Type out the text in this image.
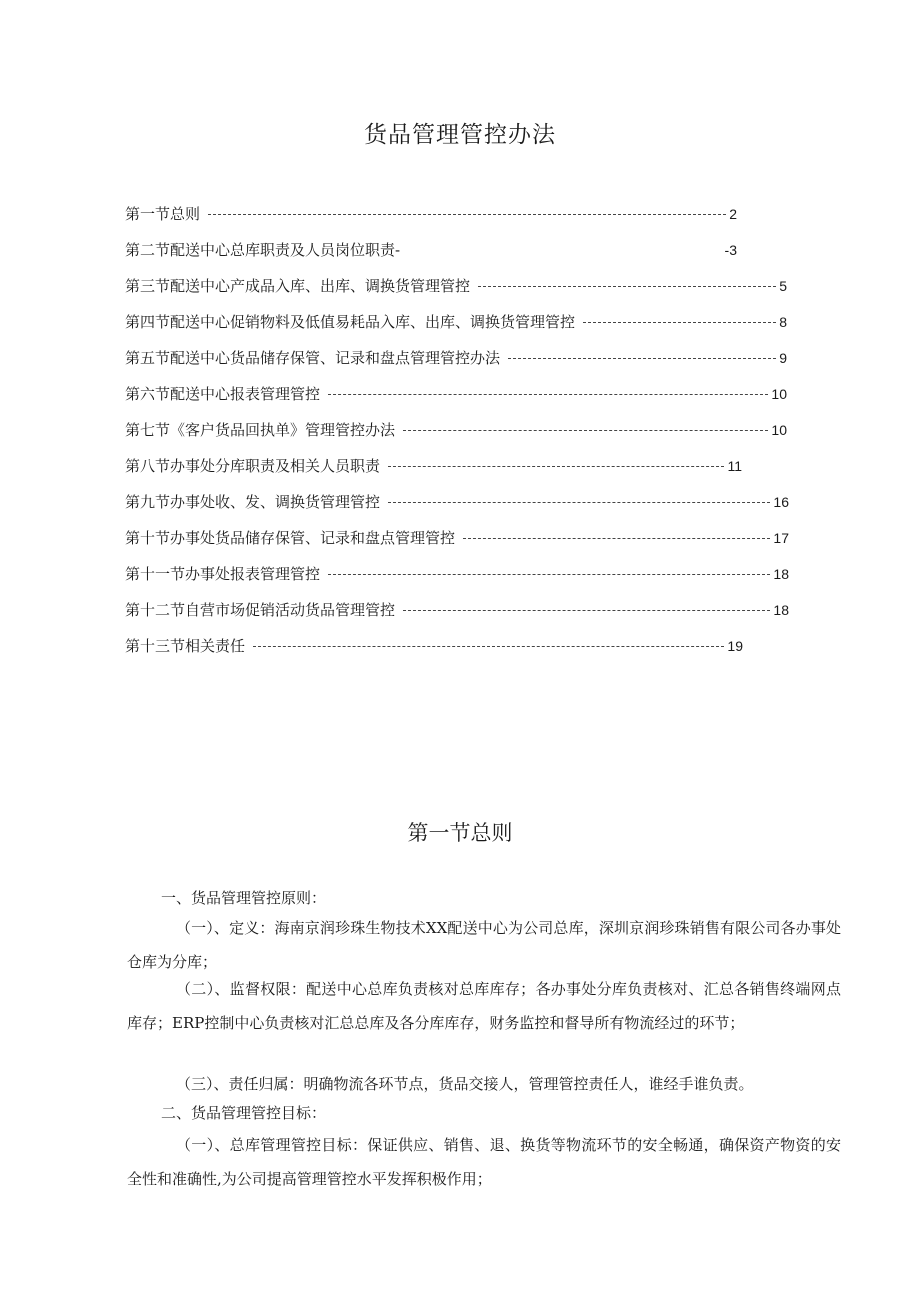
货品管理管控办法
第一节总则	2
第二节配送中心总库职责及人员岗位职责-	-3
第三节配送中心产成品入库、出库、调换货管理管控	5
第四节配送中心促销物料及低值易耗品入库、出库、调换货管理管控	8
第五节配送中心货品储存保管、记录和盘点管理管控办法	9
第六节配送中心报表管理管控	10
第七节《客户货品回执单》管理管控办法	10
第八节办事处分库职责及相关人员职责	11
第九节办事处收、发、调换货管理管控	16
第十节办事处货品储存保管、记录和盘点管理管控	17
第十一节办事处报表管理管控	18
第十二节自营市场促销活动货品管理管控	18
第十三节相关责任	19
第一节总则

一、货品管理管控原则：

（一）、定义：海南京润珍珠生物技术XX配送中心为公司总库，深圳京润珍珠销售有限公司各办事处仓库为分库；

（二）、监督权限：配送中心总库负责核对总库库存；各办事处分库负责核对、汇总各销售终端网点库存；ERP控制中心负责核对汇总总库及各分库库存，财务监控和督导所有物流经过的环节；

（三）、责任归属：明确物流各环节点，货品交接人，管理管控责任人，谁经手谁负责。

二、货品管理管控目标：

（一）、总库管理管控目标：保证供应、销售、退、换货等物流环节的安全畅通，确保资产物资的安全性和准确性,为公司提高管理管控水平发挥积极作用；
